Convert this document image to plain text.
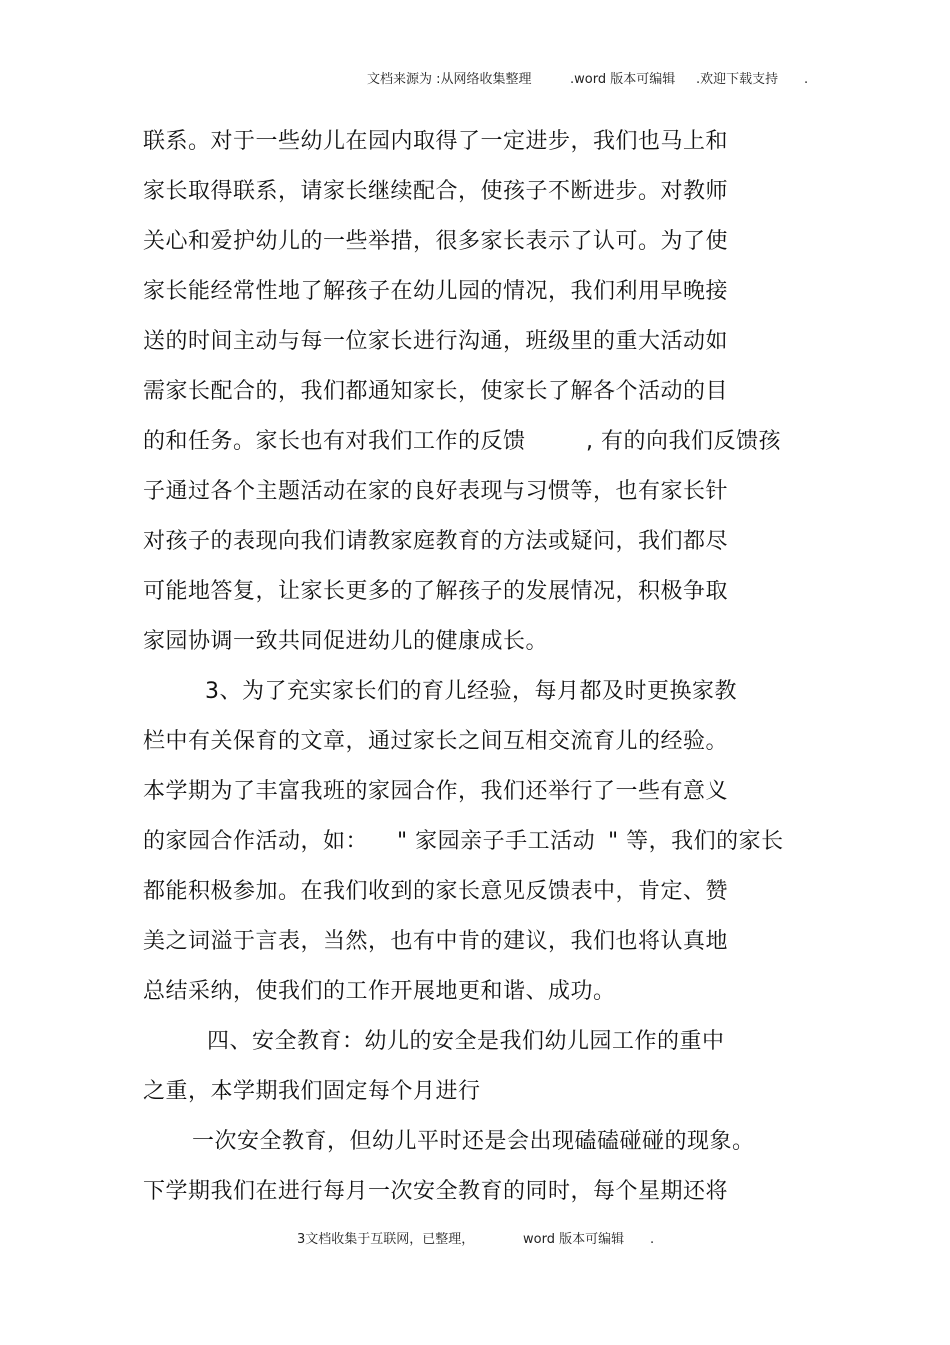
文档来源为 :从网络收集整理	.word 版本可编辑 .欢迎下载支持 .
联系。对于一些幼儿在园内取得了一定进步，我们也马上和
家长取得联系，请家长继续配合，使孩子不断进步。对教师
关心和爱护幼儿的一些举措，很多家长表示了认可。为了使
家长能经常性地了解孩子在幼儿园的情况，我们利用早晚接
送的时间主动与每一位家长进行沟通，班级里的重大活动如
需家长配合的，我们都通知家长，使家长了解各个活动的目
的和任务。家长也有对我们工作的反馈	, 有的向我们反馈孩
子通过各个主题活动在家的良好表现与习惯等，也有家长针
对孩子的表现向我们请教家庭教育的方法或疑问，我们都尽
可能地答复，让家长更多的了解孩子的发展情况，积极争取
家园协调一致共同促进幼儿的健康成长。
3、为了充实家长们的育儿经验，每月都及时更换家教
栏中有关保育的文章，通过家长之间互相交流育儿的经验。
本学期为了丰富我班的家园合作，我们还举行了一些有意义
的家园合作活动，如： " 家园亲子手工活动 " 等，我们的家长
都能积极参加。在我们收到的家长意见反馈表中，肯定、赞
美之词溢于言表，当然，也有中肯的建议，我们也将认真地
总结采纳，使我们的工作开展地更和谐、成功。
四、安全教育：幼儿的安全是我们幼儿园工作的重中
之重，本学期我们固定每个月进行
一次安全教育，但幼儿平时还是会出现磕磕碰碰的现象。
下学期我们在进行每月一次安全教育的同时，每个星期还将
3文档收集于互联网，已整理，	word 版本可编辑 .
